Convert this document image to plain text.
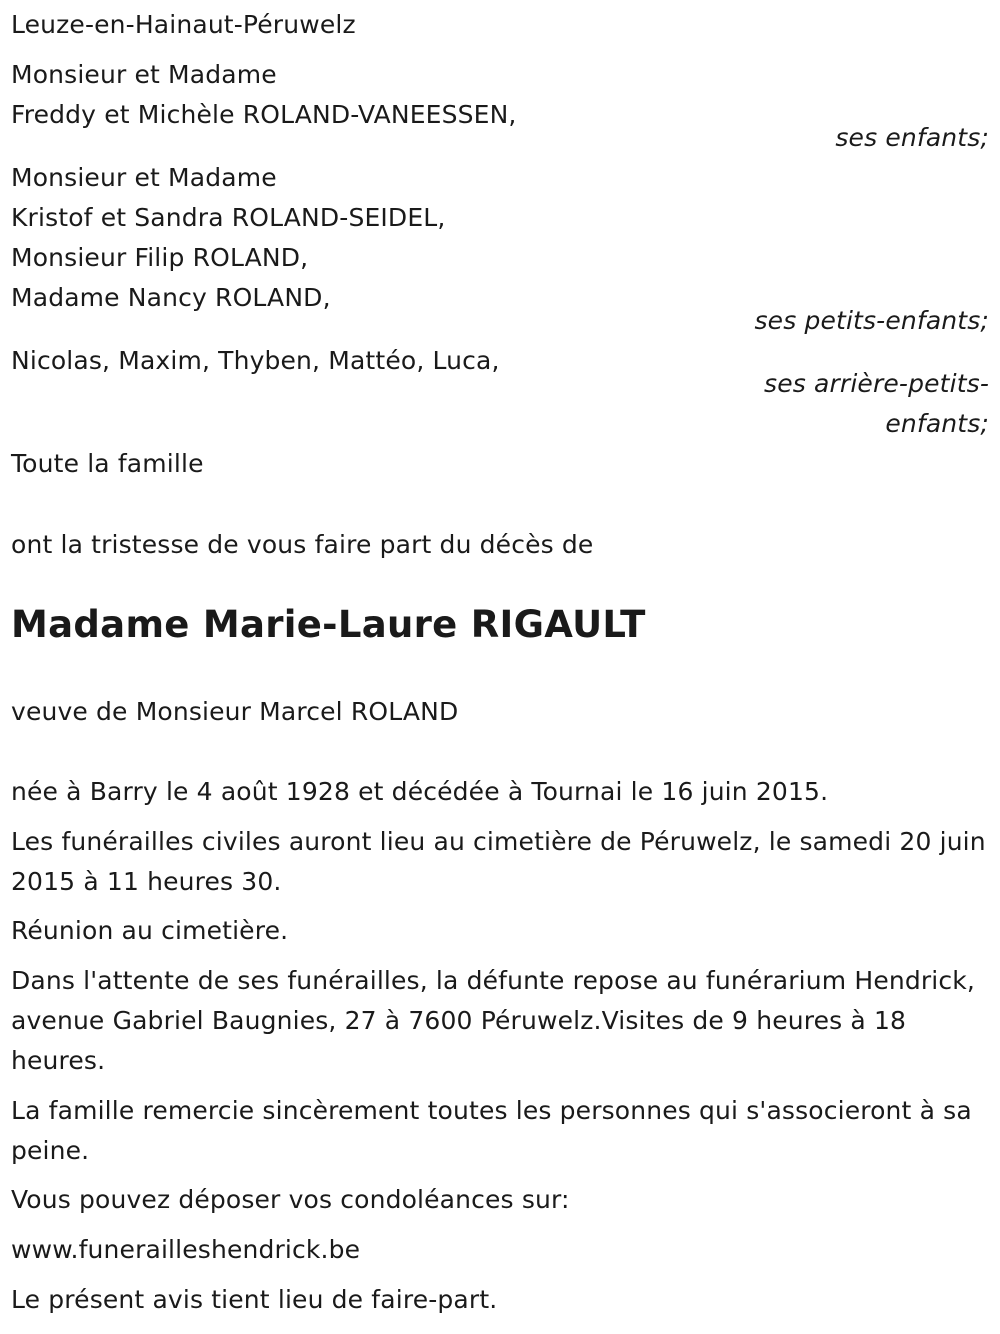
Leuze-en-Hainaut-Péruwelz
Monsieur et Madame
Freddy et Michèle ROLAND-VANEESSEN,
ses enfants;
Monsieur et Madame
Kristof et Sandra ROLAND-SEIDEL,
Monsieur Filip ROLAND,
Madame Nancy ROLAND,
ses petits-enfants;
Nicolas, Maxim, Thyben, Mattéo, Luca,
ses arrière-petits-
enfants;
Toute la famille
ont la tristesse de vous faire part du décès de
Madame Marie-Laure RIGAULT
veuve de Monsieur Marcel ROLAND
née à Barry le 4 août 1928 et décédée à Tournai le 16 juin 2015.
Les funérailles civiles auront lieu au cimetière de Péruwelz, le samedi 20 juin 2015 à 11 heures 30.
Réunion au cimetière.
Dans l'attente de ses funérailles, la défunte repose au funérarium Hendrick, avenue Gabriel Baugnies, 27 à 7600 Péruwelz.Visites de 9 heures à 18 heures.
La famille remercie sincèrement toutes les personnes qui s'associeront à sa peine.
Vous pouvez déposer vos condoléances sur:
www.funerailleshendrick.be
Le présent avis tient lieu de faire-part.
